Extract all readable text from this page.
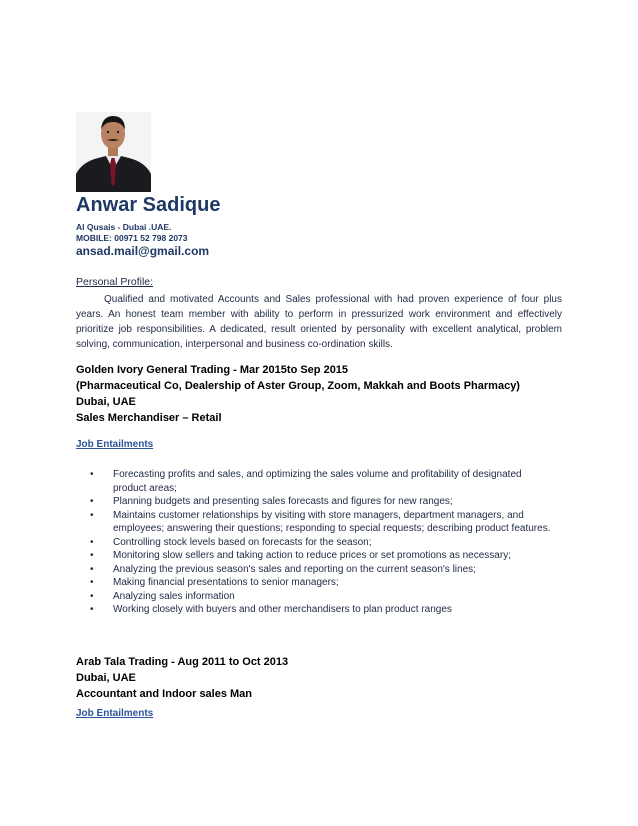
Anwar Sadique
Al Qusais - Dubai .UAE.
MOBILE: 00971 52 798 2073
ansad.mail@gmail.com
Personal Profile:
Qualified and motivated Accounts and Sales professional with had proven experience of four plus years. An honest team member with ability to perform in pressurized work environment and effectively prioritize job responsibilities. A dedicated, result oriented by personality with excellent analytical, problem solving, communication, interpersonal and business co-ordination skills.
Golden Ivory General Trading - Mar 2015to Sep 2015
(Pharmaceutical Co, Dealership of Aster Group, Zoom, Makkah and Boots Pharmacy)
Dubai, UAE
Sales Merchandiser – Retail
Job Entailments
• Forecasting profits and sales, and optimizing the sales volume and profitability of designated product areas;
• Planning budgets and presenting sales forecasts and figures for new ranges;
• Maintains customer relationships by visiting with store managers, department managers, and employees; answering their questions; responding to special requests; describing product features.
• Controlling stock levels based on forecasts for the season;
• Monitoring slow sellers and taking action to reduce prices or set promotions as necessary;
• Analyzing the previous season's sales and reporting on the current season's lines;
• Making financial presentations to senior managers;
• Analyzing sales information
• Working closely with buyers and other merchandisers to plan product ranges
Arab Tala Trading - Aug 2011 to Oct 2013
Dubai, UAE
Accountant and Indoor sales Man
Job Entailments
